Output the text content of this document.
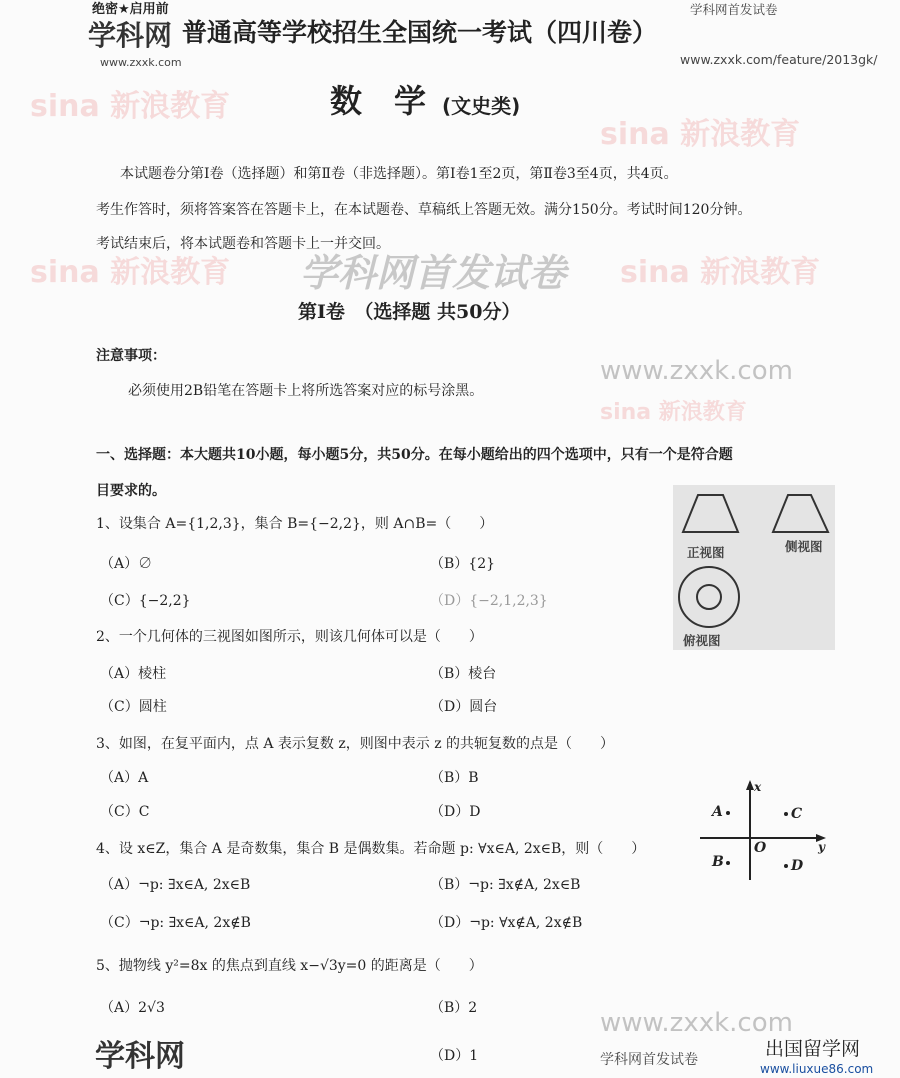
sina 新浪教育
sina 新浪教育
sina 新浪教育	sina 新浪教育
sina 新浪教育
www.zxxk.com
www.zxxk.com
学科网首发试卷
绝密★启用前
学科网
www.zxxk.com
普通高等学校招生全国统一考试（四川卷）
学科网首发试卷
www.zxxk.com/feature/2013gk/
数　学 (文史类)
本试题卷分第Ⅰ卷（选择题）和第Ⅱ卷（非选择题）。第Ⅰ卷1至2页，第Ⅱ卷3至4页，共4页。
考生作答时，须将答案答在答题卡上，在本试题卷、草稿纸上答题无效。满分150分。考试时间120分钟。
考试结束后，将本试题卷和答题卡上一并交回。
第Ⅰ卷　（选择题 共50分）
注意事项：
必须使用2B铅笔在答题卡上将所选答案对应的标号涂黑。
一、选择题：本大题共10小题，每小题5分，共50分。在每小题给出的四个选项中，只有一个是符合题
目要求的。
1、设集合 A={1,2,3}，集合 B={−2,2}，则 A∩B=（　　）
（A）∅	（B）{2}
（C）{−2,2}	（D）{−2,1,2,3}
2、一个几何体的三视图如图所示，则该几何体可以是（　　）
（A）棱柱	（B）棱台
（C）圆柱	（D）圆台
3、如图，在复平面内，点 A 表示复数 z，则图中表示 z 的共轭复数的点是（　　）
（A）A	（B）B
（C）C	（D）D
4、设 x∈Z，集合 A 是奇数集，集合 B 是偶数集。若命题 p: ∀x∈A, 2x∈B，则（　　）
（A）¬p: ∃x∈A, 2x∈B	（B）¬p: ∃x∉A, 2x∈B
（C）¬p: ∃x∈A, 2x∉B	（D）¬p: ∀x∉A, 2x∉B
5、抛物线 y²=8x 的焦点到直线 x−√3y=0 的距离是（　　）
（A）2√3	（B）2
（D）1
正视图	侧视图
俯视图
x
y
O
A
B
C
D
学科网	学科网首发试卷	出国留学网
www.liuxue86.com
